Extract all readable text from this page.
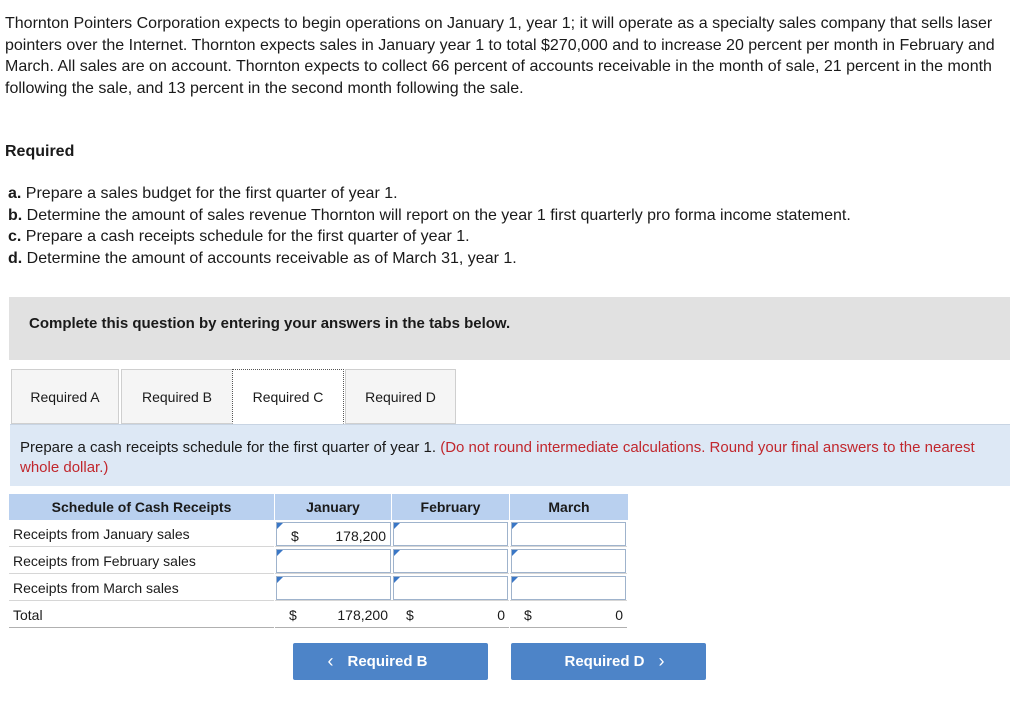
Thornton Pointers Corporation expects to begin operations on January 1, year 1; it will operate as a specialty sales company that sells laser pointers over the Internet. Thornton expects sales in January year 1 to total $270,000 and to increase 20 percent per month in February and March. All sales are on account. Thornton expects to collect 66 percent of accounts receivable in the month of sale, 21 percent in the month following the sale, and 13 percent in the second month following the sale.

Required

a. Prepare a sales budget for the first quarter of year 1.
b. Determine the amount of sales revenue Thornton will report on the year 1 first quarterly pro forma income statement.
c. Prepare a cash receipts schedule for the first quarter of year 1.
d. Determine the amount of accounts receivable as of March 31, year 1.
Complete this question by entering your answers in the tabs below.
Required A	Required B	Required C	Required D
Prepare a cash receipts schedule for the first quarter of year 1. (Do not round intermediate calculations. Round your final answers to the nearest whole dollar.)
Schedule of Cash Receipts	January	February	March
Receipts from January sales	$	178,200
Receipts from February sales
Receipts from March sales
Total	$	178,200 $	0 $	0
‹ Required B	Required D ›
